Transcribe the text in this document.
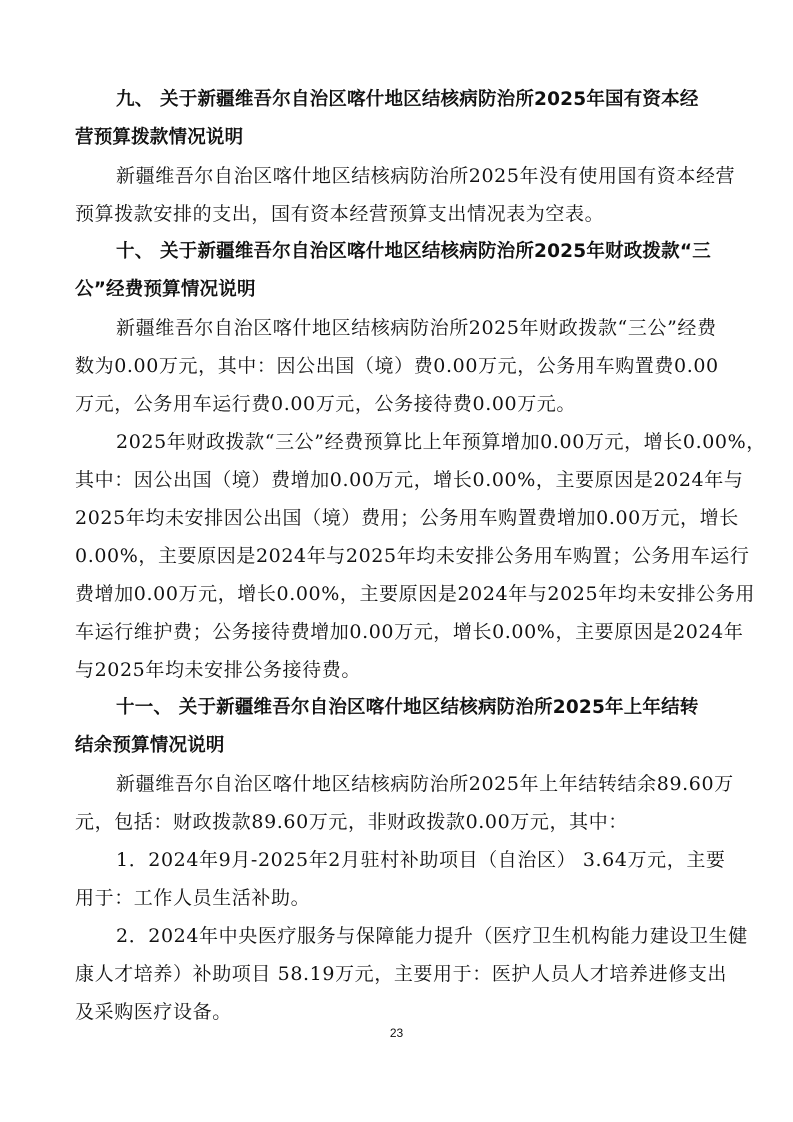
九、 关于新疆维吾尔自治区喀什地区结核病防治所2025年国有资本经
营预算拨款情况说明
新疆维吾尔自治区喀什地区结核病防治所2025年没有使用国有资本经营
预算拨款安排的支出，国有资本经营预算支出情况表为空表。
十、 关于新疆维吾尔自治区喀什地区结核病防治所2025年财政拨款“三
公”经费预算情况说明
新疆维吾尔自治区喀什地区结核病防治所2025年财政拨款“三公”经费
数为0.00万元，其中：因公出国（境）费0.00万元，公务用车购置费0.00
万元，公务用车运行费0.00万元，公务接待费0.00万元。
2025年财政拨款“三公”经费预算比上年预算增加0.00万元，增长0.00%，
其中：因公出国（境）费增加0.00万元，增长0.00%，主要原因是2024年与
2025年均未安排因公出国（境）费用；公务用车购置费增加0.00万元，增长
0.00%，主要原因是2024年与2025年均未安排公务用车购置；公务用车运行
费增加0.00万元，增长0.00%，主要原因是2024年与2025年均未安排公务用
车运行维护费；公务接待费增加0.00万元，增长0.00%，主要原因是2024年
与2025年均未安排公务接待费。
十一、 关于新疆维吾尔自治区喀什地区结核病防治所2025年上年结转
结余预算情况说明
新疆维吾尔自治区喀什地区结核病防治所2025年上年结转结余89.60万
元，包括：财政拨款89.60万元，非财政拨款0.00万元，其中：
1．2024年9月-2025年2月驻村补助项目（自治区） 3.64万元，主要
用于：工作人员生活补助。
2．2024年中央医疗服务与保障能力提升（医疗卫生机构能力建设卫生健
康人才培养）补助项目 58.19万元，主要用于：医护人员人才培养进修支出
及采购医疗设备。
23
